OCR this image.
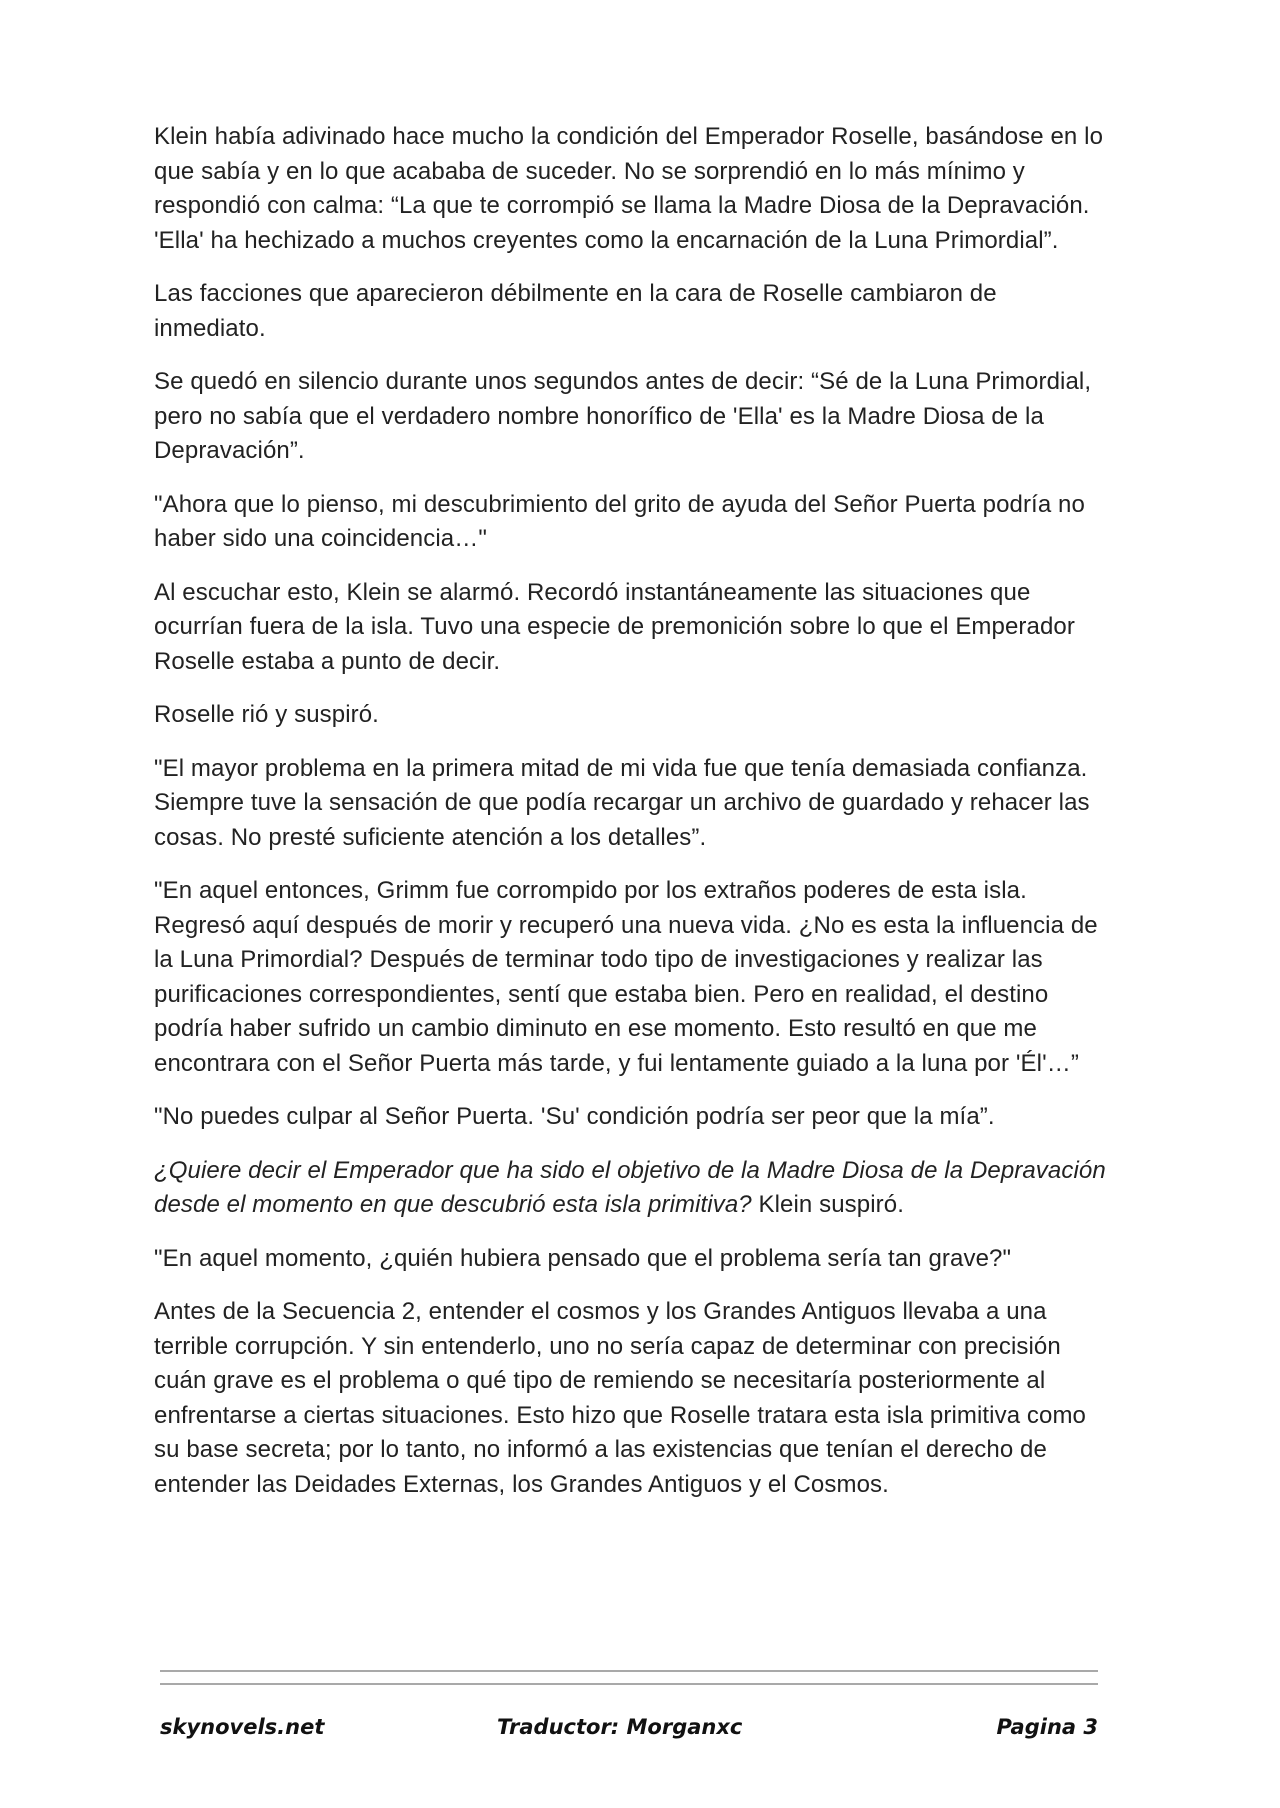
Klein había adivinado hace mucho la condición del Emperador Roselle, basándose en lo que sabía y en lo que acababa de suceder. No se sorprendió en lo más mínimo y respondió con calma: “La que te corrompió se llama la Madre Diosa de la Depravación. 'Ella' ha hechizado a muchos creyentes como la encarnación de la Luna Primordial”.

Las facciones que aparecieron débilmente en la cara de Roselle cambiaron de inmediato.

Se quedó en silencio durante unos segundos antes de decir: “Sé de la Luna Primordial, pero no sabía que el verdadero nombre honorífico de 'Ella' es la Madre Diosa de la Depravación”.

"Ahora que lo pienso, mi descubrimiento del grito de ayuda del Señor Puerta podría no haber sido una coincidencia…"

Al escuchar esto, Klein se alarmó. Recordó instantáneamente las situaciones que ocurrían fuera de la isla. Tuvo una especie de premonición sobre lo que el Emperador Roselle estaba a punto de decir.

Roselle rió y suspiró.

"El mayor problema en la primera mitad de mi vida fue que tenía demasiada confianza. Siempre tuve la sensación de que podía recargar un archivo de guardado y rehacer las cosas. No presté suficiente atención a los detalles”.

"En aquel entonces, Grimm fue corrompido por los extraños poderes de esta isla. Regresó aquí después de morir y recuperó una nueva vida. ¿No es esta la influencia de la Luna Primordial? Después de terminar todo tipo de investigaciones y realizar las purificaciones correspondientes, sentí que estaba bien. Pero en realidad, el destino podría haber sufrido un cambio diminuto en ese momento. Esto resultó en que me encontrara con el Señor Puerta más tarde, y fui lentamente guiado a la luna por 'Él'…”

"No puedes culpar al Señor Puerta. 'Su' condición podría ser peor que la mía”.

¿Quiere decir el Emperador que ha sido el objetivo de la Madre Diosa de la Depravación desde el momento en que descubrió esta isla primitiva? Klein suspiró.

"En aquel momento, ¿quién hubiera pensado que el problema sería tan grave?"

Antes de la Secuencia 2, entender el cosmos y los Grandes Antiguos llevaba a una terrible corrupción. Y sin entenderlo, uno no sería capaz de determinar con precisión cuán grave es el problema o qué tipo de remiendo se necesitaría posteriormente al enfrentarse a ciertas situaciones. Esto hizo que Roselle tratara esta isla primitiva como su base secreta; por lo tanto, no informó a las existencias que tenían el derecho de entender las Deidades Externas, los Grandes Antiguos y el Cosmos.

skynovels.net	Traductor: Morganxc	Pagina 3
